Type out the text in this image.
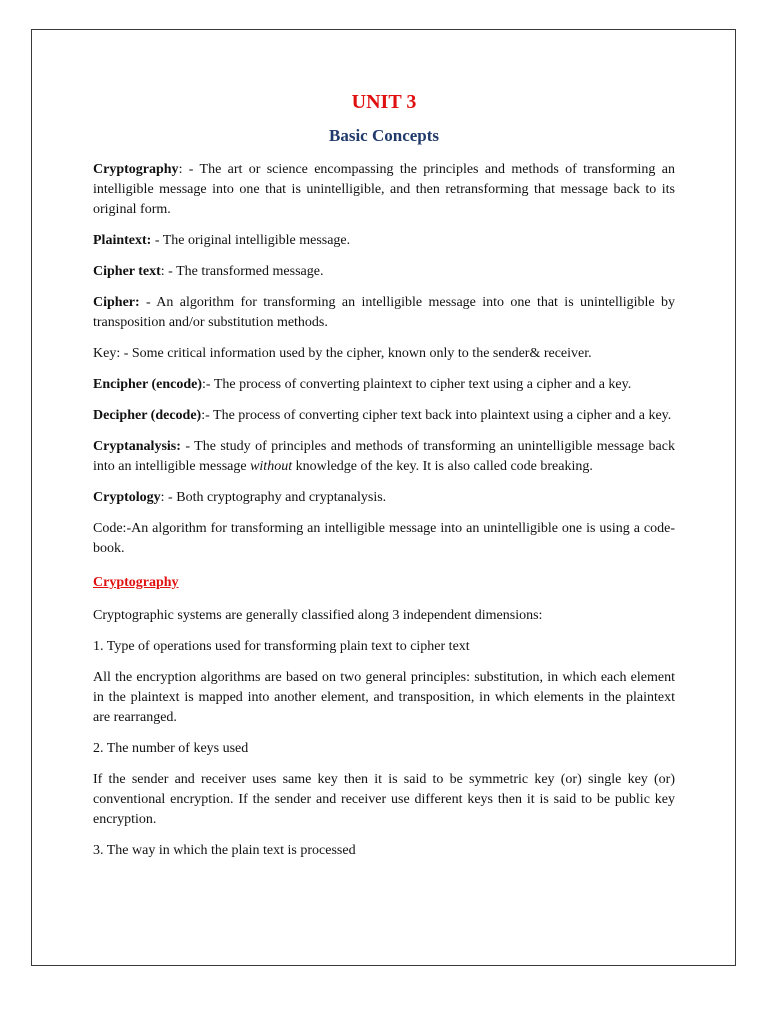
UNIT 3
Basic Concepts

Cryptography: - The art or science encompassing the principles and methods of transforming an intelligible message into one that is unintelligible, and then retransforming that message back to its original form.

Plaintext: - The original intelligible message.

Cipher text: - The transformed message.

Cipher: - An algorithm for transforming an intelligible message into one that is unintelligible by transposition and/or substitution methods.

Key: - Some critical information used by the cipher, known only to the sender& receiver.

Encipher (encode):- The process of converting plaintext to cipher text using a cipher and a key.

Decipher (decode):- The process of converting cipher text back into plaintext using a cipher and a key.

Cryptanalysis: - The study of principles and methods of transforming an unintelligible message back into an intelligible message without knowledge of the key. It is also called code breaking.

Cryptology: - Both cryptography and cryptanalysis.

Code:-An algorithm for transforming an intelligible message into an unintelligible one is using a code-book.

Cryptography

Cryptographic systems are generally classified along 3 independent dimensions:

1. Type of operations used for transforming plain text to cipher text

All the encryption algorithms are based on two general principles: substitution, in which each element in the plaintext is mapped into another element, and transposition, in which elements in the plaintext are rearranged.

2. The number of keys used

If the sender and receiver uses same key then it is said to be symmetric key (or) single key (or) conventional encryption. If the sender and receiver use different keys then it is said to be public key encryption.

3. The way in which the plain text is processed
